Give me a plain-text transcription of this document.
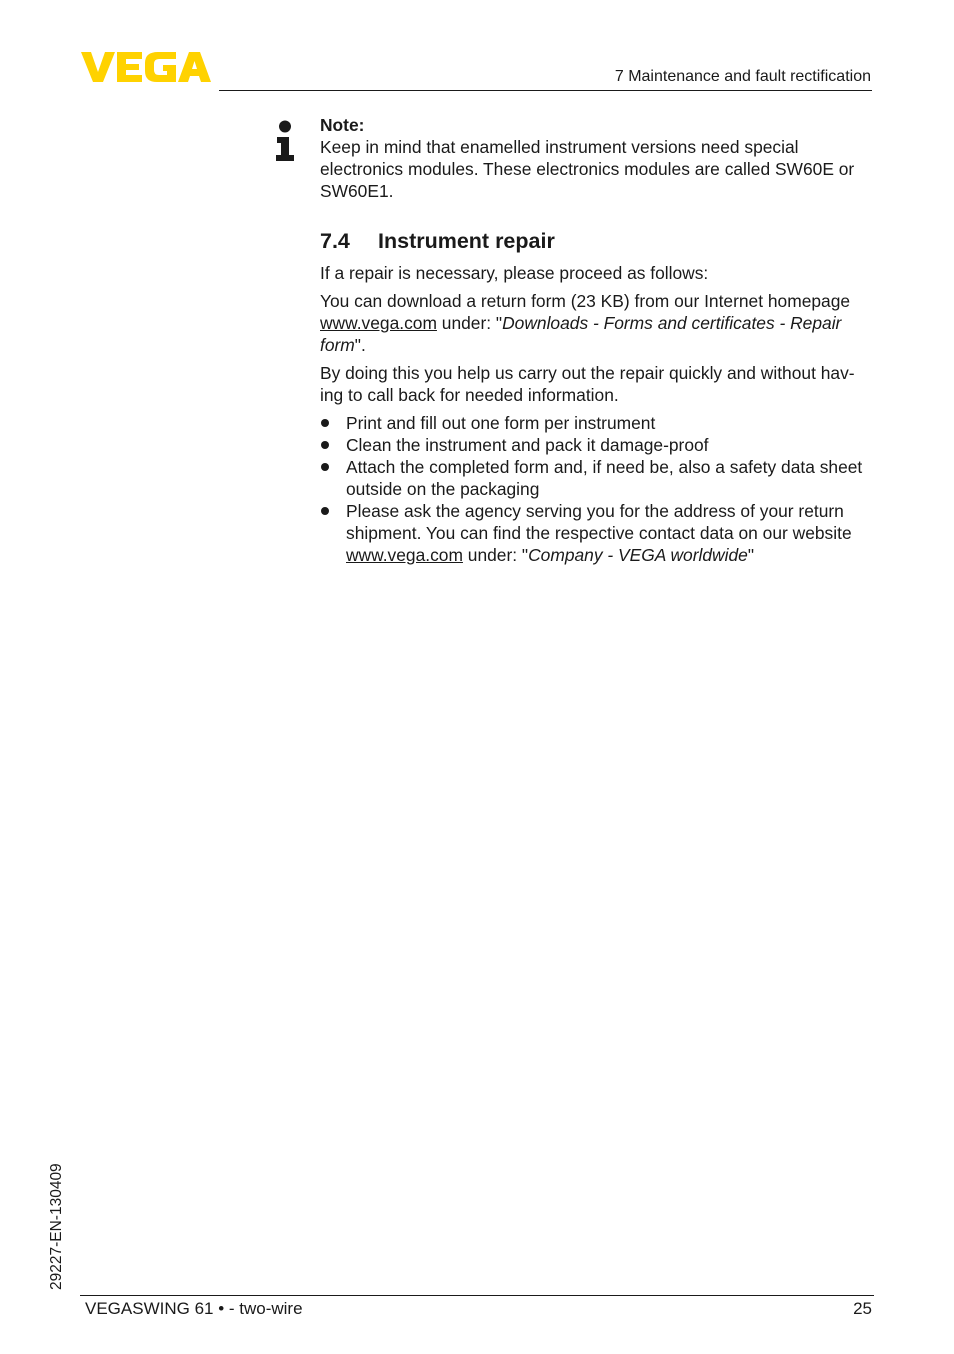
7 Maintenance and fault rectification
Note:

Keep in mind that enamelled instrument versions need special electronics modules. These electronics modules are called SW60E or SW60E1.

7.4 Instrument repair

If a repair is necessary, please proceed as follows:

You can download a return form (23 KB) from our Internet homepage www.vega.com under: "Downloads - Forms and certificates - Repair form".

By doing this you help us carry out the repair quickly and without hav- ing to call back for needed information.

Print and fill out one form per instrument
Clean the instrument and pack it damage-proof
Attach the completed form and, if need be, also a safety data sheet outside on the packaging
Please ask the agency serving you for the address of your return shipment. You can find the respective contact data on our website www.vega.com under: "Company - VEGA worldwide"
29227-EN-130409
VEGASWING 61 • - two-wire	25
